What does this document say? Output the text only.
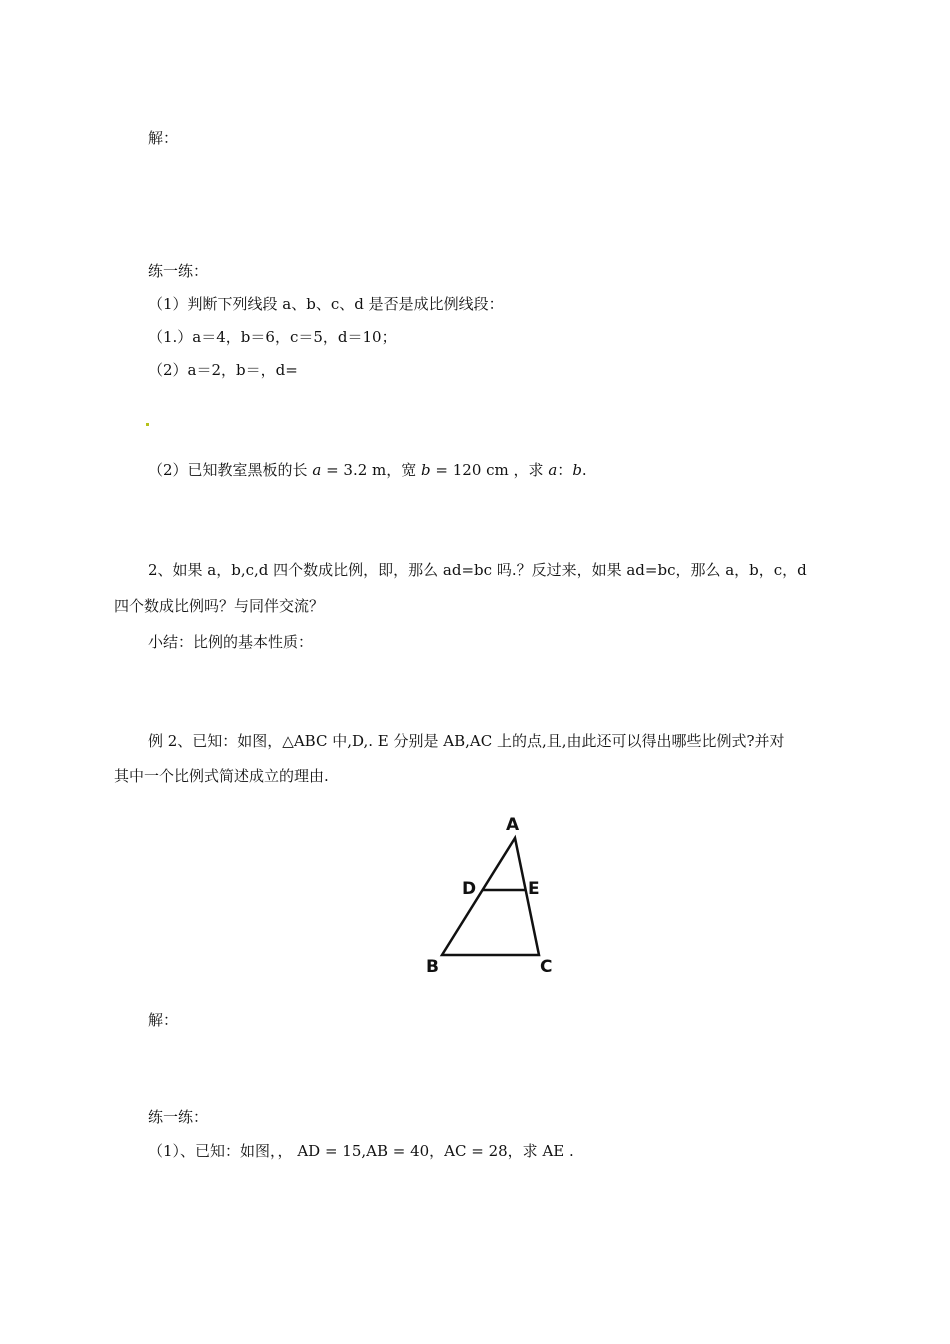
解：
练一练：
（1）判断下列线段 a、b、c、d 是否是成比例线段：
（1.）a＝4，b＝6，c＝5，d＝10；
（2）a＝2，b＝，d=
（2）已知教室黑板的长 a = 3.2 m，宽 b = 120 cm ，求 a：b.
2、如果 a，b,c,d 四个数成比例，即，那么 ad=bc 吗.？反过来，如果 ad=bc，那么 a，b，c，d
四个数成比例吗？与同伴交流？
小结：比例的基本性质：
例 2、已知：如图，△ABC 中,D,. E 分别是 AB,AC 上的点,且,由此还可以得出哪些比例式?并对
其中一个比例式简述成立的理由.
A
D	E
B	C
解：
练一练：
（1）、已知：如图，， AD = 15,AB = 40，AC = 28，求 AE .
